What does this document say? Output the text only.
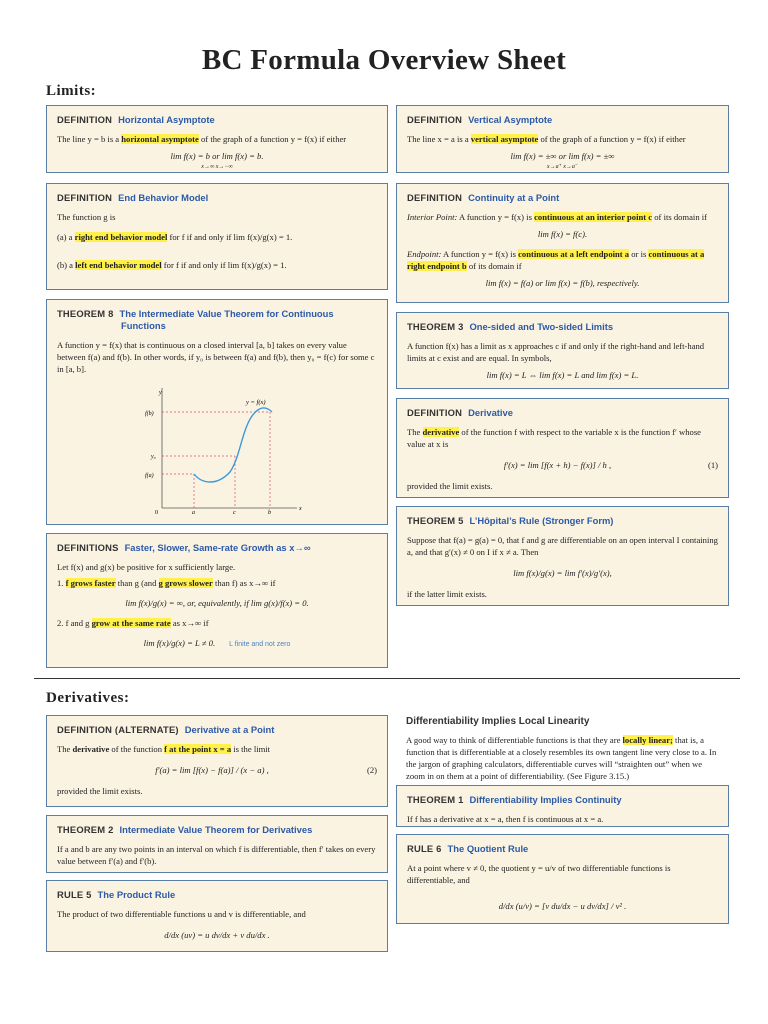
BC Formula Overview Sheet
Limits:
DEFINITION Horizontal Asymptote

The line y = b is a horizontal asymptote of the graph of a function y = f(x) if either

lim f(x) = b or lim f(x) = b.
x→∞ x→−∞
DEFINITION Vertical Asymptote

The line x = a is a vertical asymptote of the graph of a function y = f(x) if either

lim f(x) = ±∞ or lim f(x) = ±∞
x→a⁺ x→a⁻
DEFINITION End Behavior Model

The function g is

(a) a right end behavior model for f if and only if lim f(x)/g(x) = 1.

(b) a left end behavior model for f if and only if lim f(x)/g(x) = 1.

DEFINITION Continuity at a Point

Interior Point: A function y = f(x) is continuous at an interior point c of its domain if

lim f(x) = f(c).

Endpoint: A function y = f(x) is continuous at a left endpoint a or is continuous at a right endpoint b of its domain if

lim f(x) = f(a) or lim f(x) = f(b), respectively.
THEOREM 8 The Intermediate Value Theorem for Continuous Functions

A function y = f(x) that is continuous on a closed interval [a, b] takes on every value between f(a) and f(b). In other words, if y₀ is between f(a) and f(b), then y₀ = f(c) for some c in [a, b].

y = f(x)
f(b)
y₀
f(a)
0	a	c	b
x
y
THEOREM 3 One-sided and Two-sided Limits

A function f(x) has a limit as x approaches c if and only if the right-hand and left-hand limits at c exist and are equal. In symbols,

lim f(x) = L ⇔ lim f(x) = L and lim f(x) = L.
DEFINITION Derivative

The derivative of the function f with respect to the variable x is the function f′ whose value at x is

f′(x) = lim [f(x + h) − f(x)] / h ,	(1)

provided the limit exists.

THEOREM 5 L’Hôpital’s Rule (Stronger Form)

Suppose that f(a) = g(a) = 0, that f and g are differentiable on an open interval I containing a, and that g′(x) ≠ 0 on I if x ≠ a. Then

lim f(x)/g(x) = lim f′(x)/g′(x),

if the latter limit exists.

DEFINITIONS Faster, Slower, Same-rate Growth as x→∞

Let f(x) and g(x) be positive for x sufficiently large.

1. f grows faster than g (and g grows slower than f) as x→∞ if

lim f(x)/g(x) = ∞, or, equivalently, if lim g(x)/f(x) = 0.

2. f and g grow at the same rate as x→∞ if

lim f(x)/g(x) = L ≠ 0. L finite and not zero
Derivatives:
DEFINITION (ALTERNATE) Derivative at a Point

The derivative of the function f at the point x = a is the limit

f′(a) = lim [f(x) − f(a)] / (x − a) ,	(2)

provided the limit exists.

Differentiability Implies Local Linearity

A good way to think of differentiable functions is that they are locally linear; that is, a function that is differentiable at a closely resembles its own tangent line very close to a. In the jargon of graphing calculators, differentiable curves will “straighten out” when we zoom in on them at a point of differentiability. (See Figure 3.15.)

THEOREM 1 Differentiability Implies Continuity

If f has a derivative at x = a, then f is continuous at x = a.

THEOREM 2 Intermediate Value Theorem for Derivatives

If a and b are any two points in an interval on which f is differentiable, then f′ takes on every value between f′(a) and f′(b).

RULE 6 The Quotient Rule

At a point where v ≠ 0, the quotient y = u/v of two differentiable functions is differentiable, and

d/dx (u/v) = [v du/dx − u dv/dx] / v² .
RULE 5 The Product Rule

The product of two differentiable functions u and v is differentiable, and

d/dx (uv) = u dv/dx + v du/dx .
